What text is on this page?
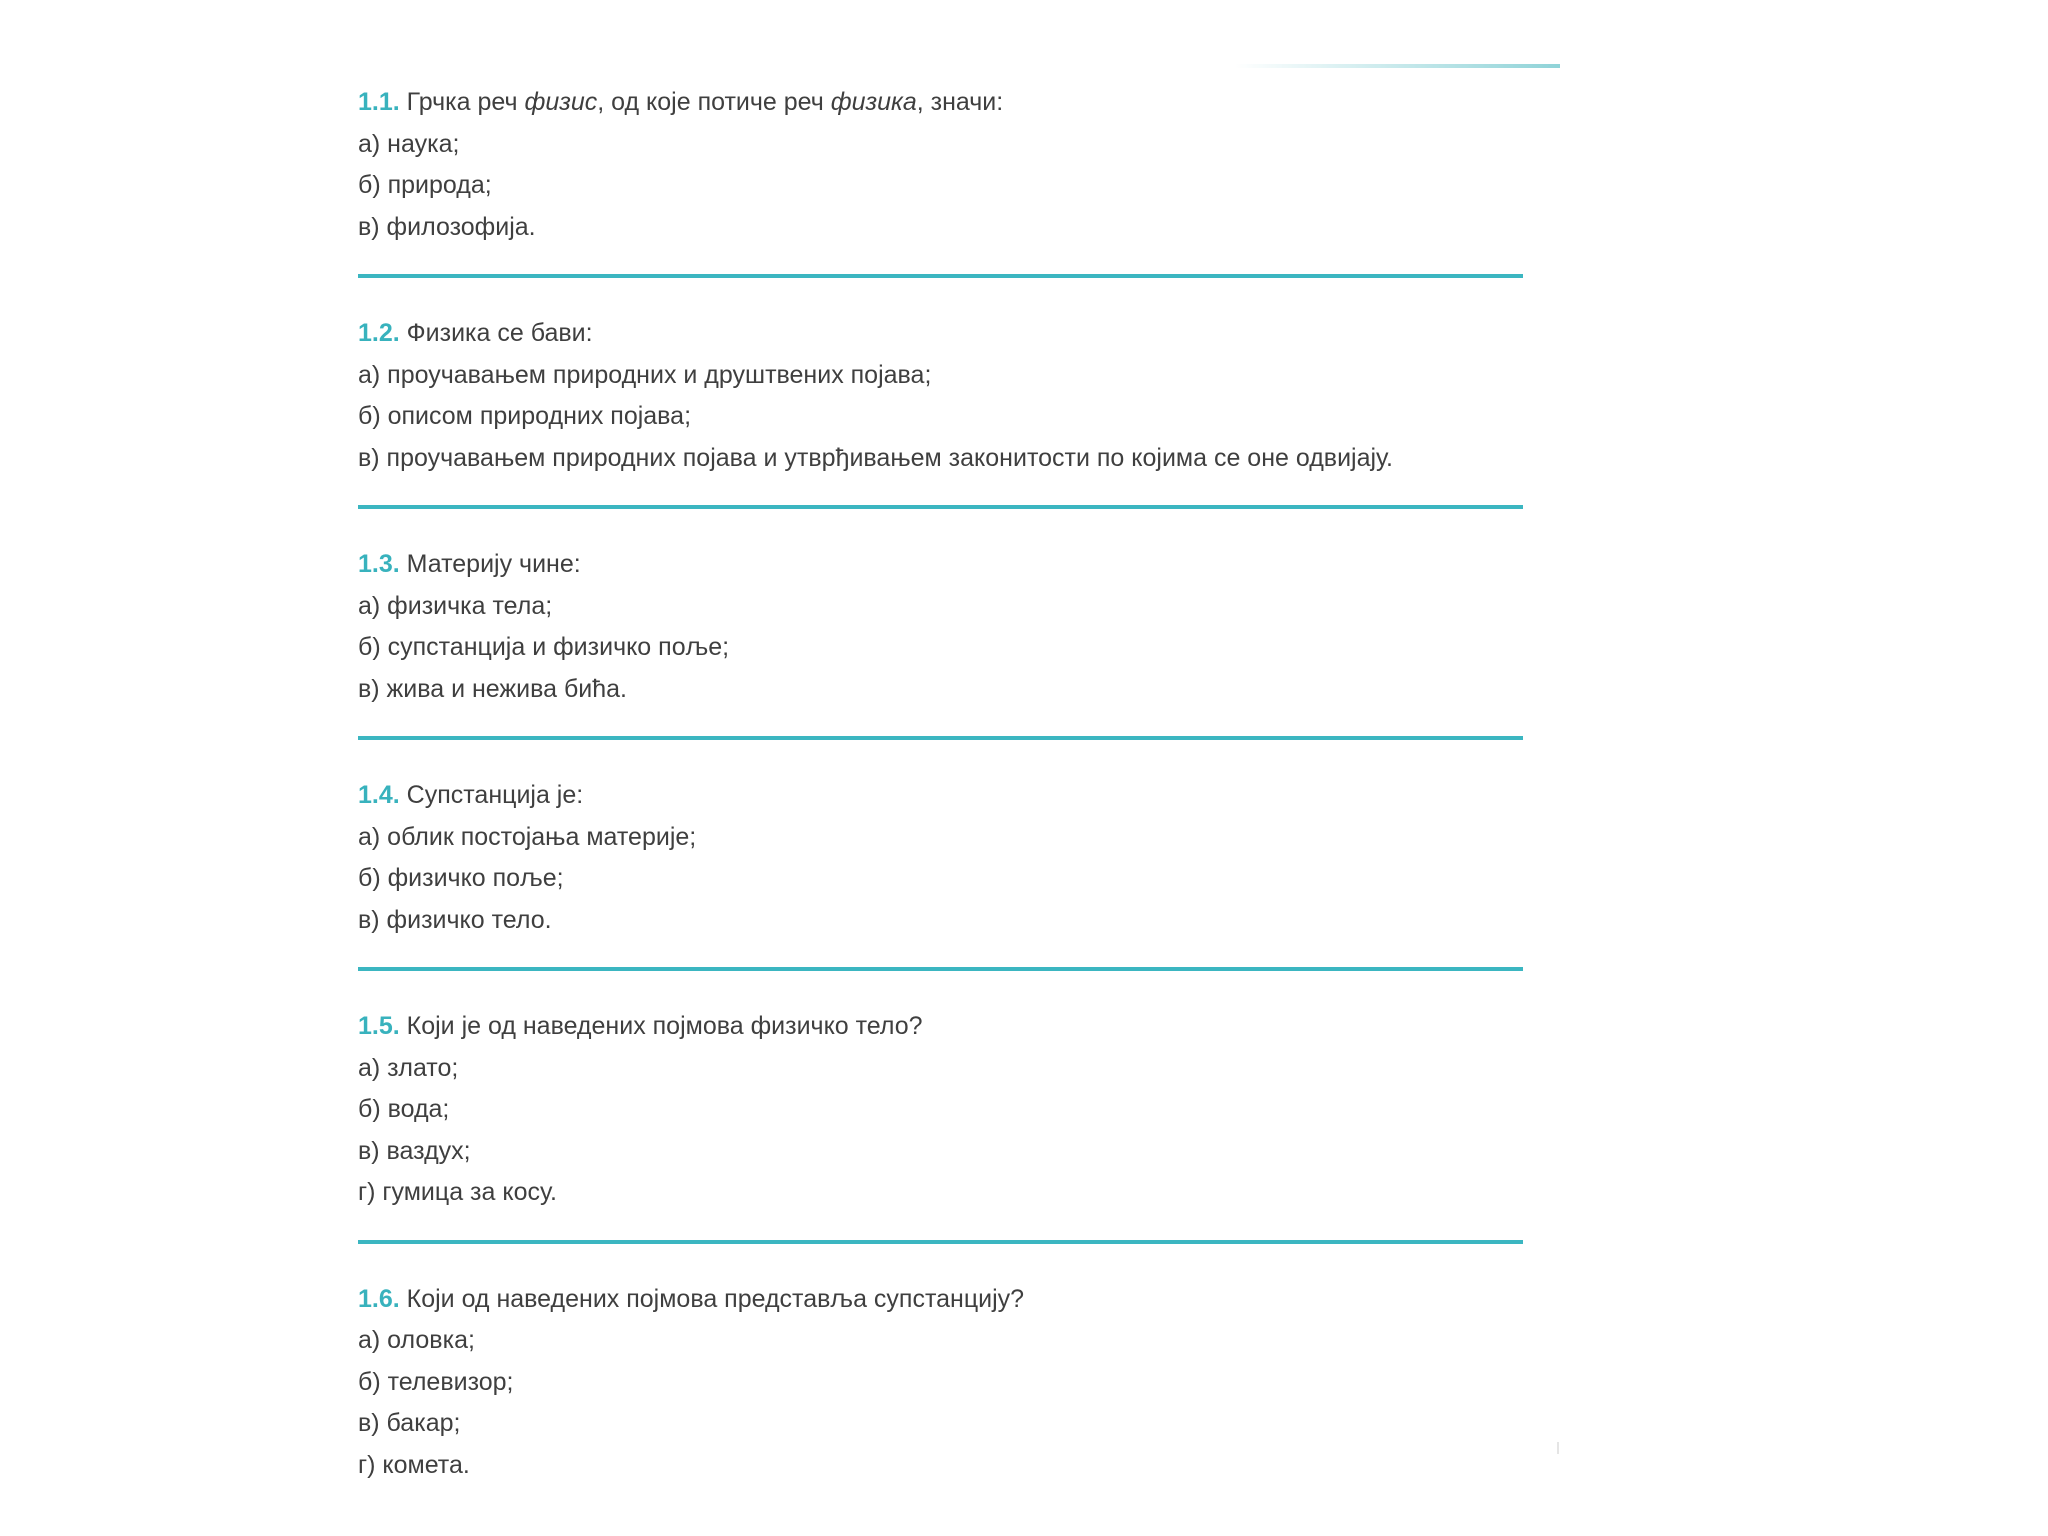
1.1. Грчка реч физис, од које потиче реч физика, значи:
а) наука;
б) природа;
в) филозофија.
1.2. Физика се бави:
а) проучавањем природних и друштвених појава;
б) описом природних појава;
в) проучавањем природних појава и утврђивањем законитости по којима се оне одвијају.
1.3. Материју чине:
а) физичка тела;
б) супстанција и физичко поље;
в) жива и нежива бића.
1.4. Супстанција је:
а) облик постојања материје;
б) физичко поље;
в) физичко тело.
1.5. Који је од наведених појмова физичко тело?
а) злато;
б) вода;
в) ваздух;
г) гумица за косу.
1.6. Који од наведених појмова представља супстанцију?
а) оловка;
б) телевизор;
в) бакар;
г) комета.
